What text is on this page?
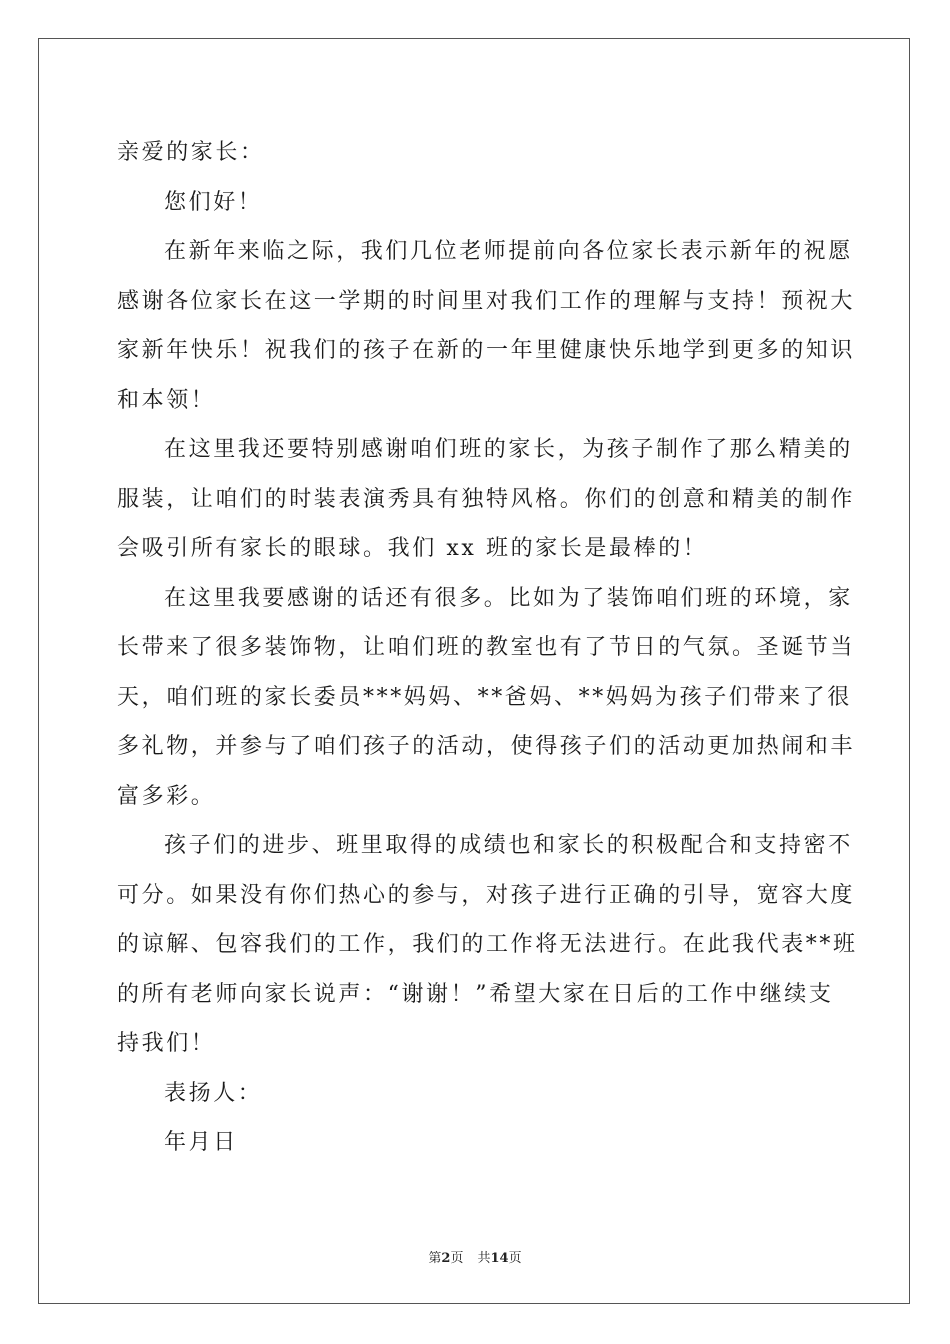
亲爱的家长：
您们好！
在新年来临之际，我们几位老师提前向各位家长表示新年的祝愿
感谢各位家长在这一学期的时间里对我们工作的理解与支持！预祝大
家新年快乐！祝我们的孩子在新的一年里健康快乐地学到更多的知识
和本领！
在这里我还要特别感谢咱们班的家长，为孩子制作了那么精美的
服装，让咱们的时装表演秀具有独特风格。你们的创意和精美的制作
会吸引所有家长的眼球。我们 xx 班的家长是最棒的！
在这里我要感谢的话还有很多。比如为了装饰咱们班的环境，家
长带来了很多装饰物，让咱们班的教室也有了节日的气氛。圣诞节当
天，咱们班的家长委员***妈妈、**爸妈、**妈妈为孩子们带来了很
多礼物，并参与了咱们孩子的活动，使得孩子们的活动更加热闹和丰
富多彩。
孩子们的进步、班里取得的成绩也和家长的积极配合和支持密不
可分。如果没有你们热心的参与，对孩子进行正确的引导，宽容大度
的谅解、包容我们的工作，我们的工作将无法进行。在此我代表**班
的所有老师向家长说声：“谢谢！”希望大家在日后的工作中继续支
持我们！
表扬人：
年月日
第2页 共14页
